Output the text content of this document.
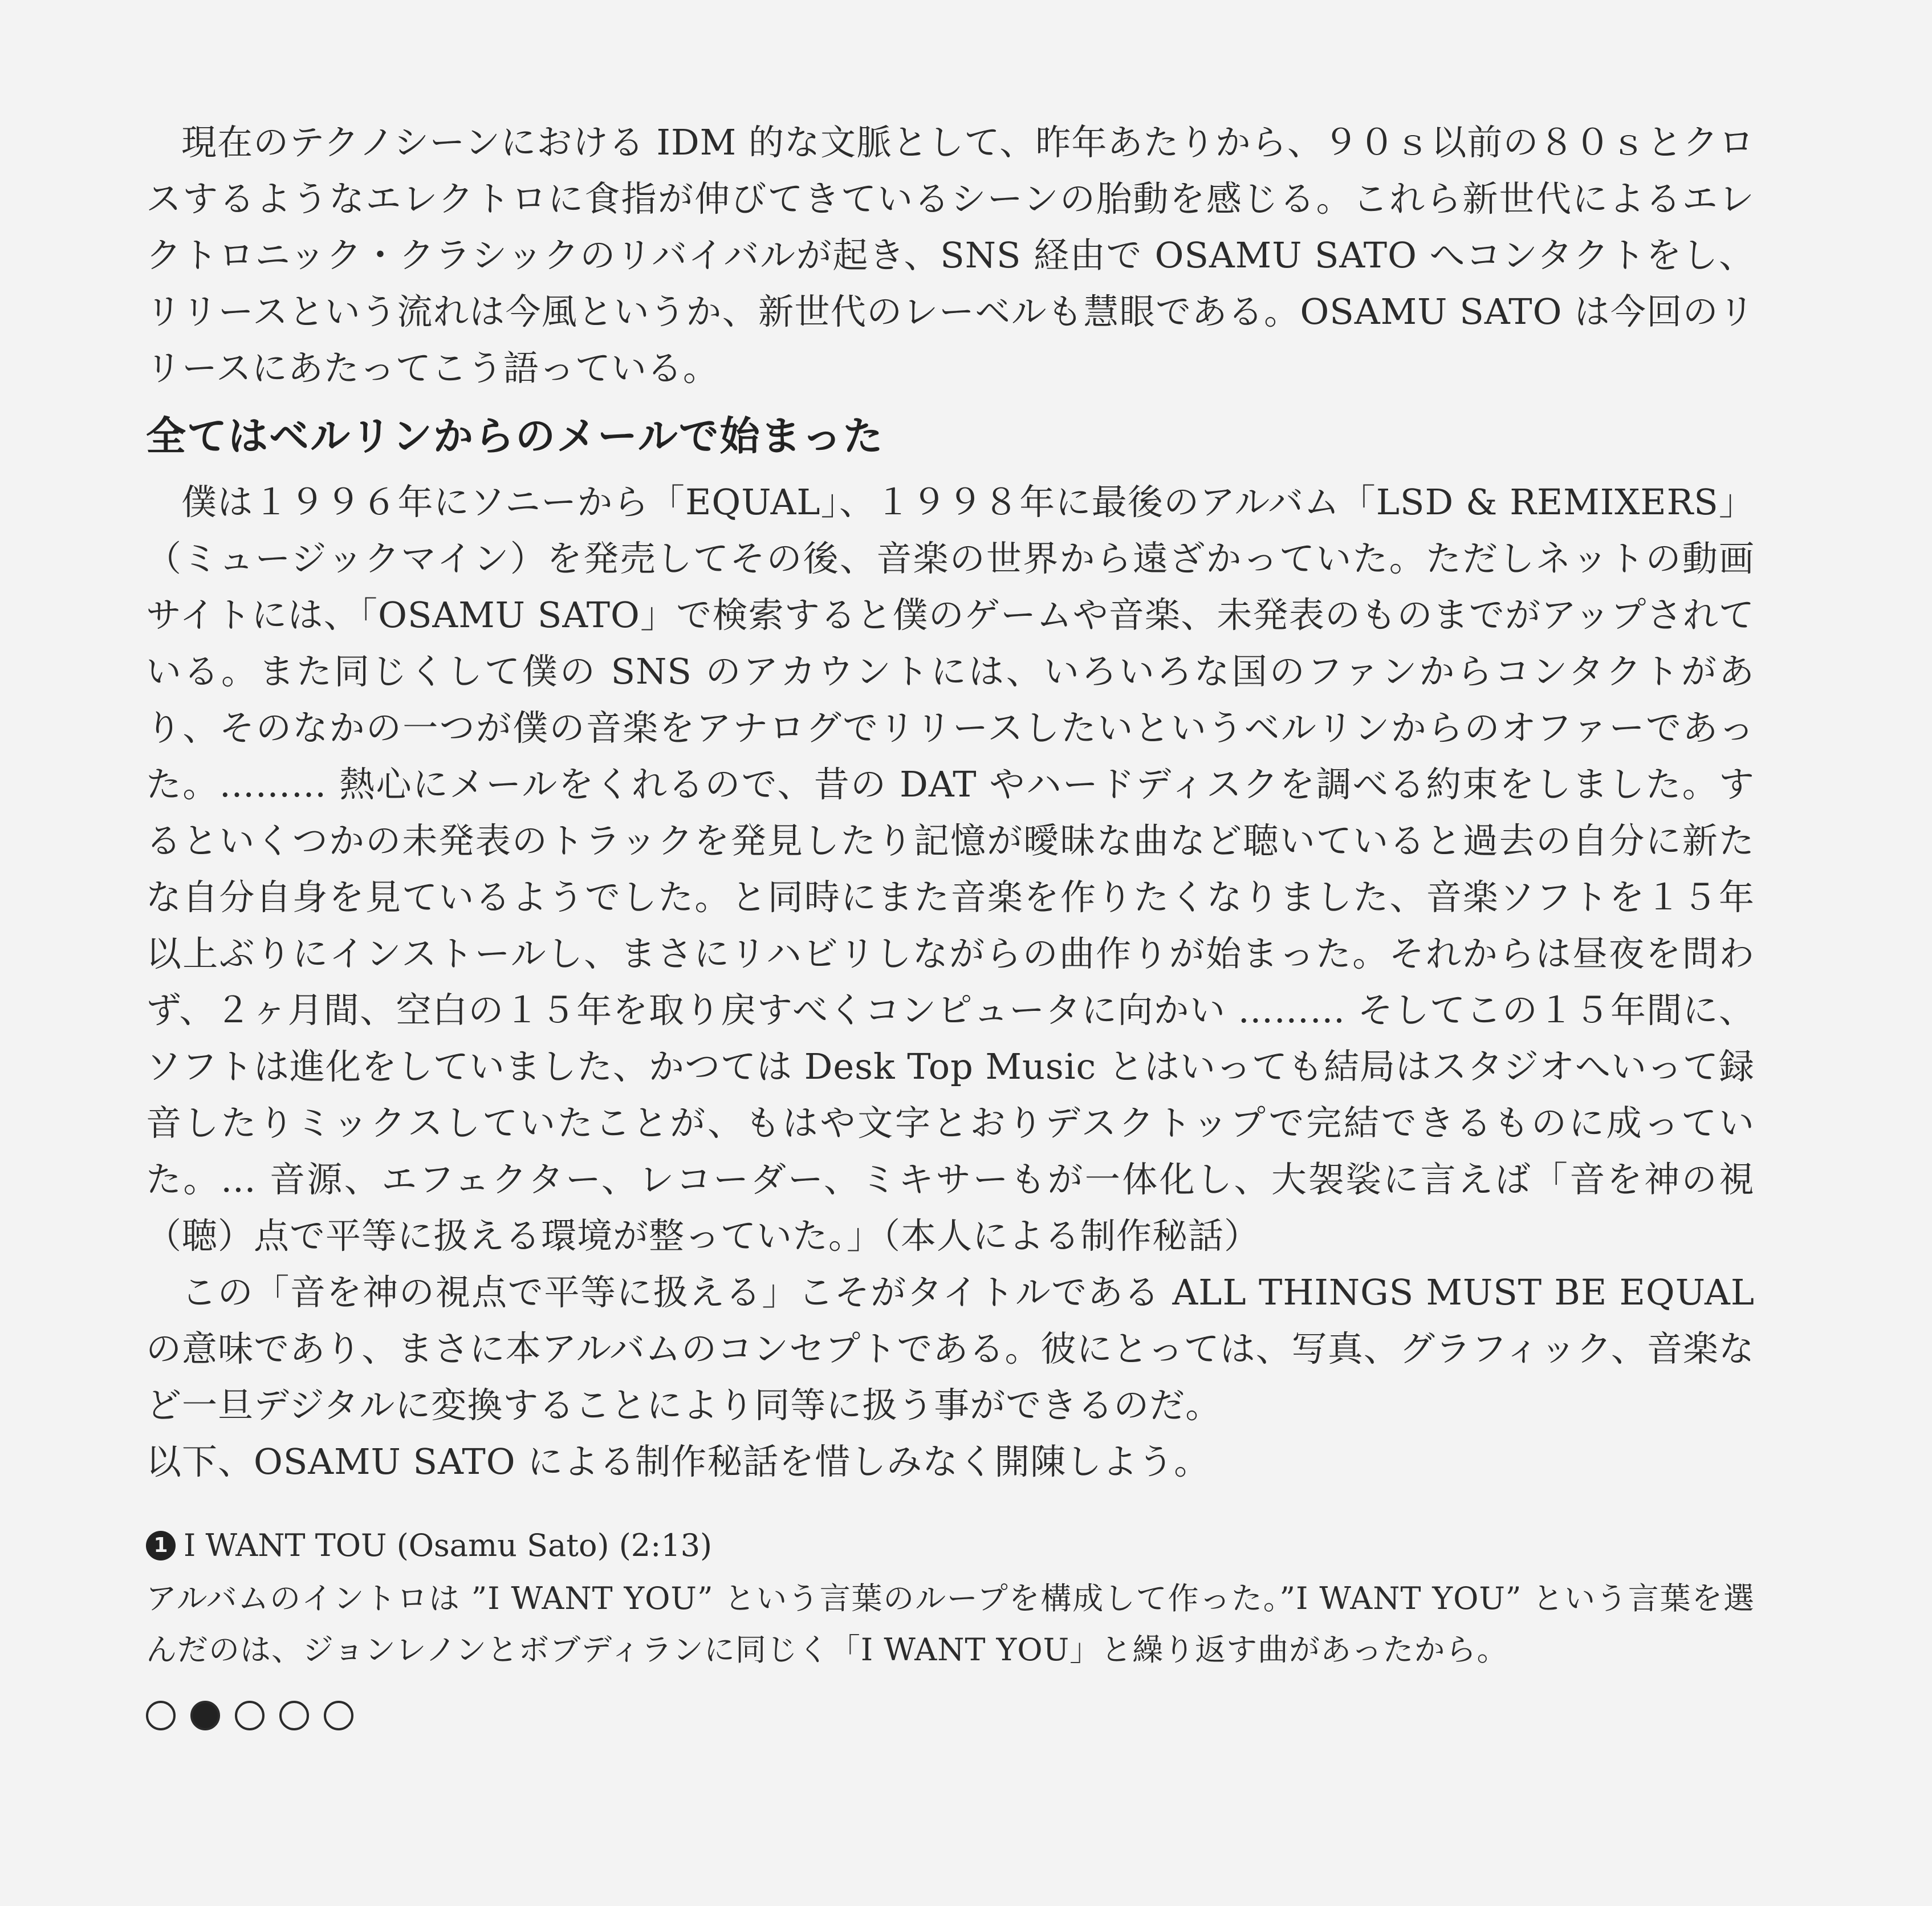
現在のテクノシーンにおける IDM 的な文脈として、昨年あたりから、９０ｓ以前の８０ｓとクロスするようなエレクトロに食指が伸びてきているシーンの胎動を感じる。これら新世代によるエレクトロニック・クラシックのリバイバルが起き、SNS 経由で OSAMU SATO へコンタクトをし、リリースという流れは今風というか、新世代のレーベルも慧眼である。OSAMU SATO は今回のリリースにあたってこう語っている。

全てはベルリンからのメールで始まった

僕は１９９６年にソニーから「EQUAL」、１９９８年に最後のアルバム「LSD & REMIXERS」（ミュージックマイン）を発売してその後、音楽の世界から遠ざかっていた。ただしネットの動画サイトには、「OSAMU SATO」で検索すると僕のゲームや音楽、未発表のものまでがアップされている。また同じくして僕の SNS のアカウントには、いろいろな国のファンからコンタクトがあり、そのなかの一つが僕の音楽をアナログでリリースしたいというベルリンからのオファーであった。……… 熱心にメールをくれるので、昔の DAT やハードディスクを調べる約束をしました。するといくつかの未発表のトラックを発見したり記憶が曖昧な曲など聴いていると過去の自分に新たな自分自身を見ているようでした。と同時にまた音楽を作りたくなりました、音楽ソフトを１５年以上ぶりにインストールし、まさにリハビリしながらの曲作りが始まった。それからは昼夜を問わず、２ヶ月間、空白の１５年を取り戻すべくコンピュータに向かい ……… そしてこの１５年間に、ソフトは進化をしていました、かつては Desk Top Music とはいっても結局はスタジオへいって録音したりミックスしていたことが、もはや文字とおりデスクトップで完結できるものに成っていた。… 音源、エフェクター、レコーダー、ミキサーもが一体化し、大袈裟に言えば「音を神の視（聴）点で平等に扱える環境が整っていた。」（本人による制作秘話）

この「音を神の視点で平等に扱える」こそがタイトルである ALL THINGS MUST BE EQUAL の意味であり、まさに本アルバムのコンセプトである。彼にとっては、写真、グラフィック、音楽など一旦デジタルに変換することにより同等に扱う事ができるのだ。

以下、OSAMU SATO による制作秘話を惜しみなく開陳しよう。

1 I WANT TOU (Osamu Sato) (2:13)

アルバムのイントロは ”I WANT YOU” という言葉のループを構成して作った。”I WANT YOU” という言葉を選んだのは、ジョンレノンとボブディランに同じく「I WANT YOU」と繰り返す曲があったから。
